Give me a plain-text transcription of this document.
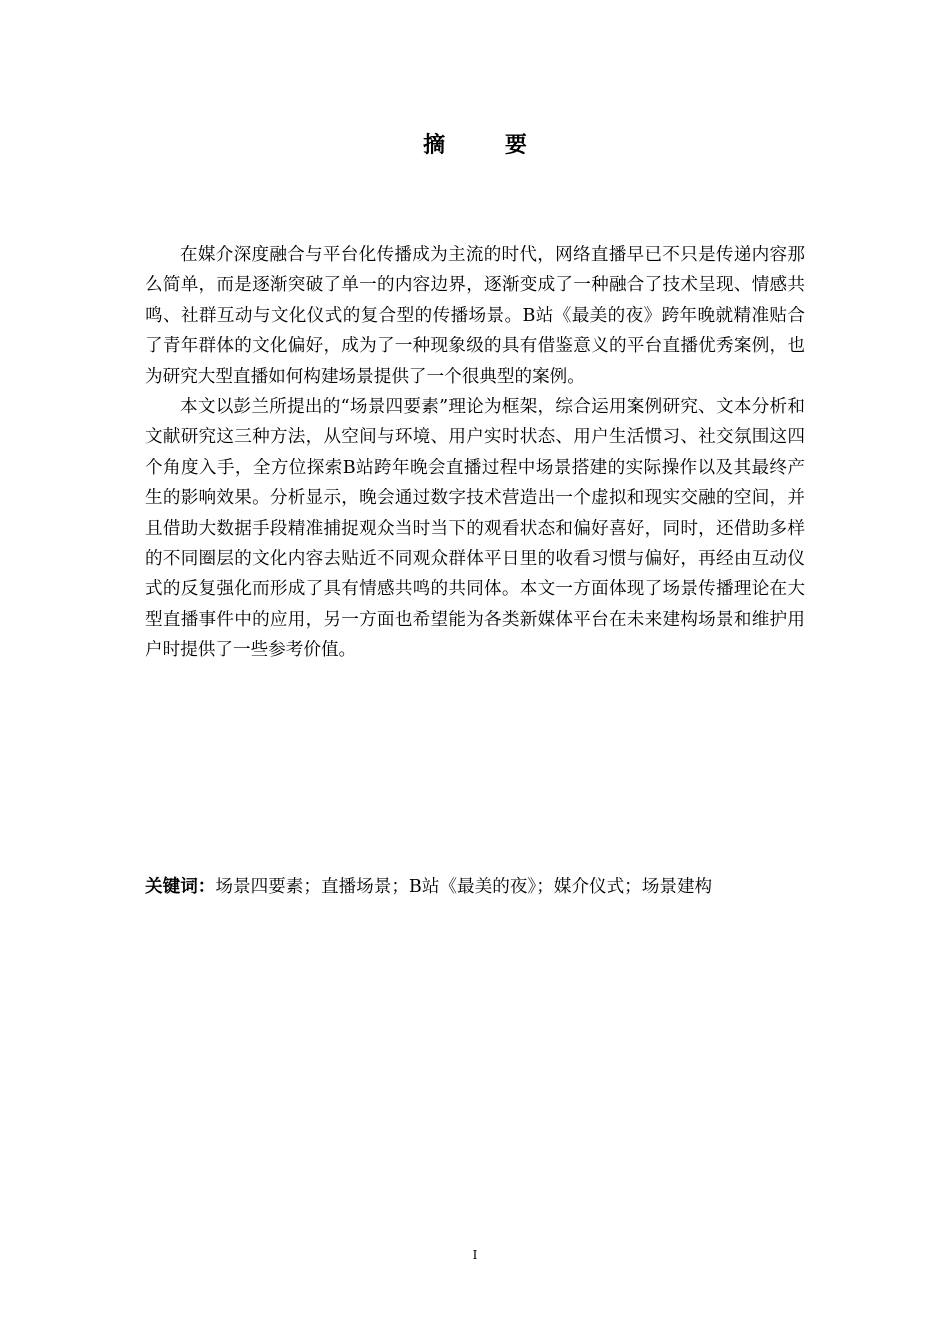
摘 要

在媒介深度融合与平台化传播成为主流的时代，网络直播早已不只是传递内容那么简单，而是逐渐突破了单一的内容边界，逐渐变成了一种融合了技术呈现、情感共鸣、社群互动与文化仪式的复合型的传播场景。B站《最美的夜》跨年晚就精准贴合了青年群体的文化偏好，成为了一种现象级的具有借鉴意义的平台直播优秀案例，也为研究大型直播如何构建场景提供了一个很典型的案例。

本文以彭兰所提出的“场景四要素”理论为框架，综合运用案例研究、文本分析和文献研究这三种方法，从空间与环境、用户实时状态、用户生活惯习、社交氛围这四个角度入手，全方位探索B站跨年晚会直播过程中场景搭建的实际操作以及其最终产生的影响效果。分析显示，晚会通过数字技术营造出一个虚拟和现实交融的空间，并且借助大数据手段精准捕捉观众当时当下的观看状态和偏好喜好，同时，还借助多样的不同圈层的文化内容去贴近不同观众群体平日里的收看习惯与偏好，再经由互动仪式的反复强化而形成了具有情感共鸣的共同体。本文一方面体现了场景传播理论在大型直播事件中的应用，另一方面也希望能为各类新媒体平台在未来建构场景和维护用户时提供了一些参考价值。

关键词：场景四要素；直播场景；B站《最美的夜》；媒介仪式；场景建构
I
